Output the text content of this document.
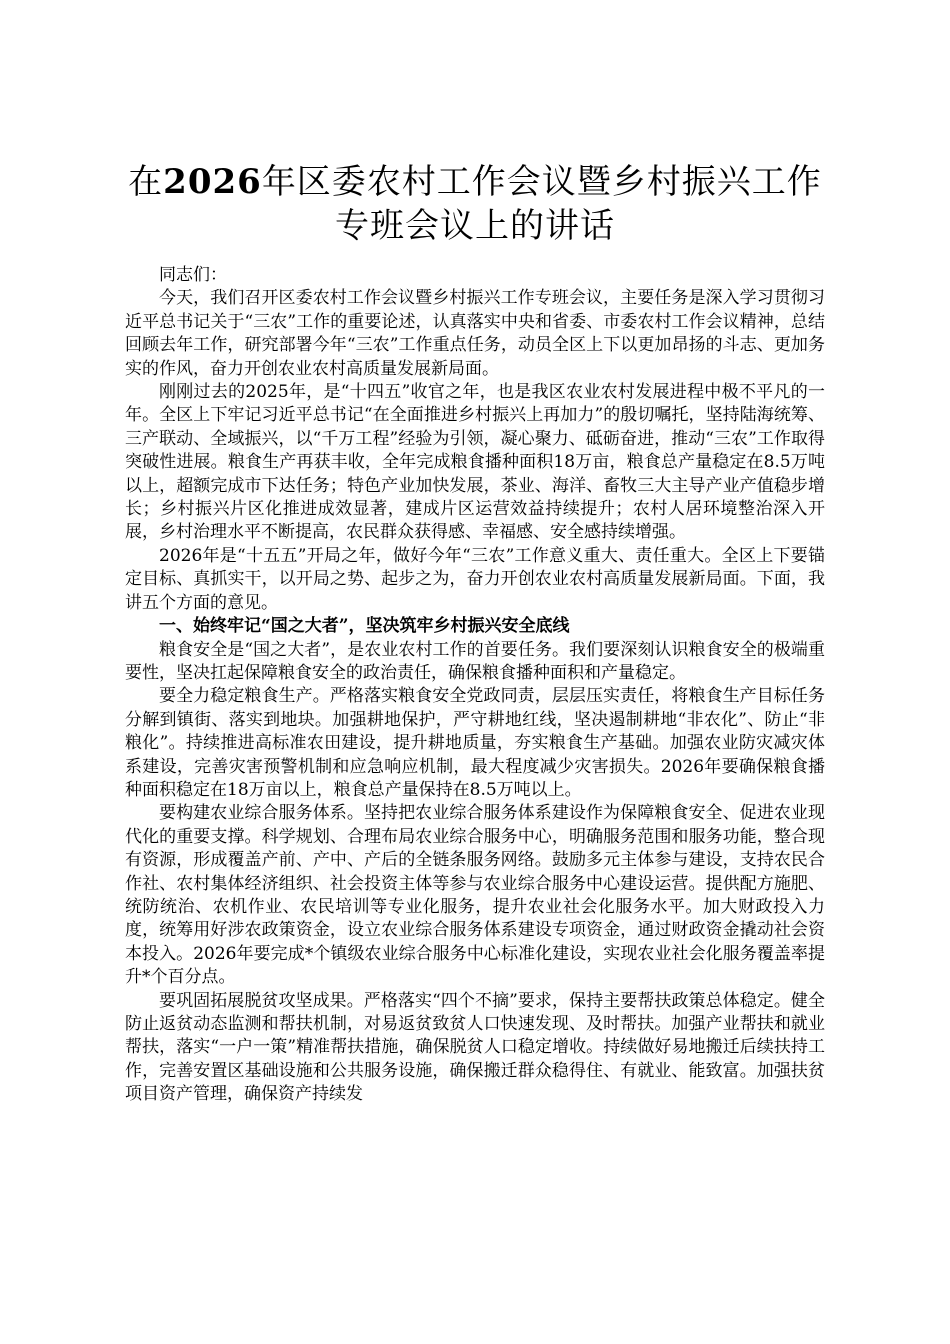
在2026年区委农村工作会议暨乡村振兴工作
专班会议上的讲话

同志们：

今天，我们召开区委农村工作会议暨乡村振兴工作专班会议，主要任务是深入学习贯彻习近平总书记关于“三农”工作的重要论述，认真落实中央和省委、市委农村工作会议精神，总结回顾去年工作，研究部署今年“三农”工作重点任务，动员全区上下以更加昂扬的斗志、更加务实的作风，奋力开创农业农村高质量发展新局面。

刚刚过去的2025年，是“十四五”收官之年，也是我区农业农村发展进程中极不平凡的一年。全区上下牢记习近平总书记“在全面推进乡村振兴上再加力”的殷切嘱托，坚持陆海统筹、三产联动、全域振兴，以“千万工程”经验为引领，凝心聚力、砥砺奋进，推动“三农”工作取得突破性进展。粮食生产再获丰收，全年完成粮食播种面积18万亩，粮食总产量稳定在8.5万吨以上，超额完成市下达任务；特色产业加快发展，茶业、海洋、畜牧三大主导产业产值稳步增长；乡村振兴片区化推进成效显著，建成片区运营效益持续提升；农村人居环境整治深入开展，乡村治理水平不断提高，农民群众获得感、幸福感、安全感持续增强。

2026年是“十五五”开局之年，做好今年“三农”工作意义重大、责任重大。全区上下要锚定目标、真抓实干，以开局之势、起步之为，奋力开创农业农村高质量发展新局面。下面，我讲五个方面的意见。

一、始终牢记“国之大者”，坚决筑牢乡村振兴安全底线

粮食安全是“国之大者”，是农业农村工作的首要任务。我们要深刻认识粮食安全的极端重要性，坚决扛起保障粮食安全的政治责任，确保粮食播种面积和产量稳定。

要全力稳定粮食生产。严格落实粮食安全党政同责，层层压实责任，将粮食生产目标任务分解到镇街、落实到地块。加强耕地保护，严守耕地红线，坚决遏制耕地“非农化”、防止“非粮化”。持续推进高标准农田建设，提升耕地质量，夯实粮食生产基础。加强农业防灾减灾体系建设，完善灾害预警机制和应急响应机制，最大程度减少灾害损失。2026年要确保粮食播种面积稳定在18万亩以上，粮食总产量保持在8.5万吨以上。

要构建农业综合服务体系。坚持把农业综合服务体系建设作为保障粮食安全、促进农业现代化的重要支撑。科学规划、合理布局农业综合服务中心，明确服务范围和服务功能，整合现有资源，形成覆盖产前、产中、产后的全链条服务网络。鼓励多元主体参与建设，支持农民合作社、农村集体经济组织、社会投资主体等参与农业综合服务中心建设运营。提供配方施肥、统防统治、农机作业、农民培训等专业化服务，提升农业社会化服务水平。加大财政投入力度，统筹用好涉农政策资金，设立农业综合服务体系建设专项资金，通过财政资金撬动社会资本投入。2026年要完成*个镇级农业综合服务中心标准化建设，实现农业社会化服务覆盖率提升*个百分点。

要巩固拓展脱贫攻坚成果。严格落实“四个不摘”要求，保持主要帮扶政策总体稳定。健全防止返贫动态监测和帮扶机制，对易返贫致贫人口快速发现、及时帮扶。加强产业帮扶和就业帮扶，落实“一户一策”精准帮扶措施，确保脱贫人口稳定增收。持续做好易地搬迁后续扶持工作，完善安置区基础设施和公共服务设施，确保搬迁群众稳得住、有就业、能致富。加强扶贫项目资产管理，确保资产持续发
